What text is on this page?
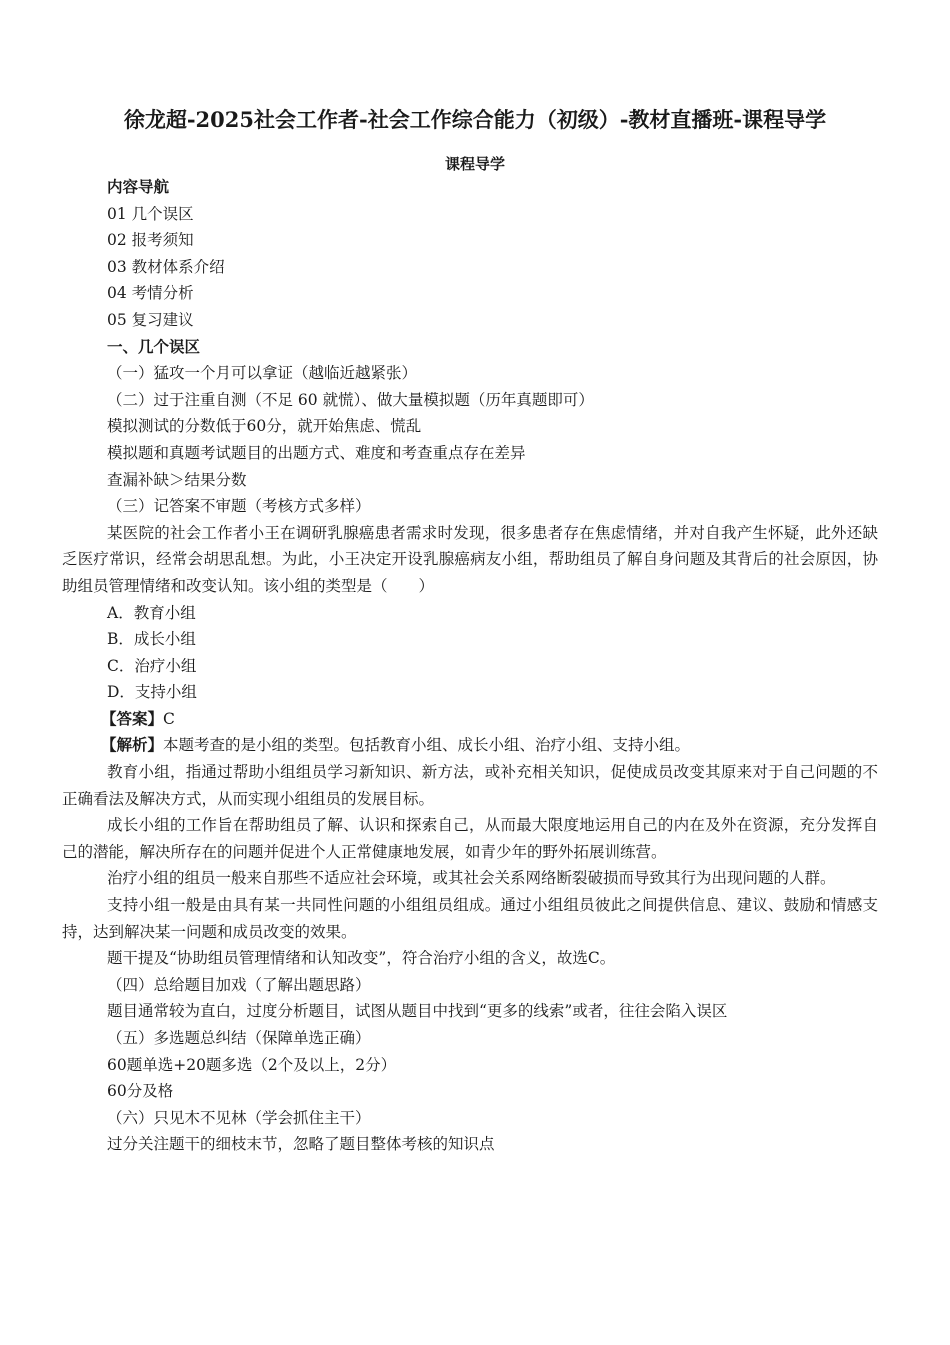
徐龙超-2025社会工作者-社会工作综合能力（初级）-教材直播班-课程导学
课程导学
内容导航
01 几个误区
02 报考须知
03 教材体系介绍
04 考情分析
05 复习建议
一、几个误区
（一）猛攻一个月可以拿证（越临近越紧张）
（二）过于注重自测（不足 60 就慌）、做大量模拟题（历年真题即可）
模拟测试的分数低于60分，就开始焦虑、慌乱
模拟题和真题考试题目的出题方式、难度和考查重点存在差异
查漏补缺＞结果分数
（三）记答案不审题（考核方式多样）
某医院的社会工作者小王在调研乳腺癌患者需求时发现，很多患者存在焦虑情绪，并对自我产生怀疑，此外还缺乏医疗常识，经常会胡思乱想。为此，小王决定开设乳腺癌病友小组，帮助组员了解自身问题及其背后的社会原因，协助组员管理情绪和改变认知。该小组的类型是（　　）
A．教育小组
B．成长小组
C．治疗小组
D．支持小组
【答案】C
【解析】本题考查的是小组的类型。包括教育小组、成长小组、治疗小组、支持小组。
教育小组，指通过帮助小组组员学习新知识、新方法，或补充相关知识，促使成员改变其原来对于自己问题的不正确看法及解决方式，从而实现小组组员的发展目标。
成长小组的工作旨在帮助组员了解、认识和探索自己，从而最大限度地运用自己的内在及外在资源，充分发挥自己的潜能，解决所存在的问题并促进个人正常健康地发展，如青少年的野外拓展训练营。
治疗小组的组员一般来自那些不适应社会环境，或其社会关系网络断裂破损而导致其行为出现问题的人群。
支持小组一般是由具有某一共同性问题的小组组员组成。通过小组组员彼此之间提供信息、建议、鼓励和情感支持，达到解决某一问题和成员改变的效果。
题干提及“协助组员管理情绪和认知改变”，符合治疗小组的含义，故选C。
（四）总给题目加戏（了解出题思路）
题目通常较为直白，过度分析题目，试图从题目中找到“更多的线索”或者，往往会陷入误区
（五）多选题总纠结（保障单选正确）
60题单选+20题多选（2个及以上，2分）
60分及格
（六）只见木不见林（学会抓住主干）
过分关注题干的细枝末节，忽略了题目整体考核的知识点
